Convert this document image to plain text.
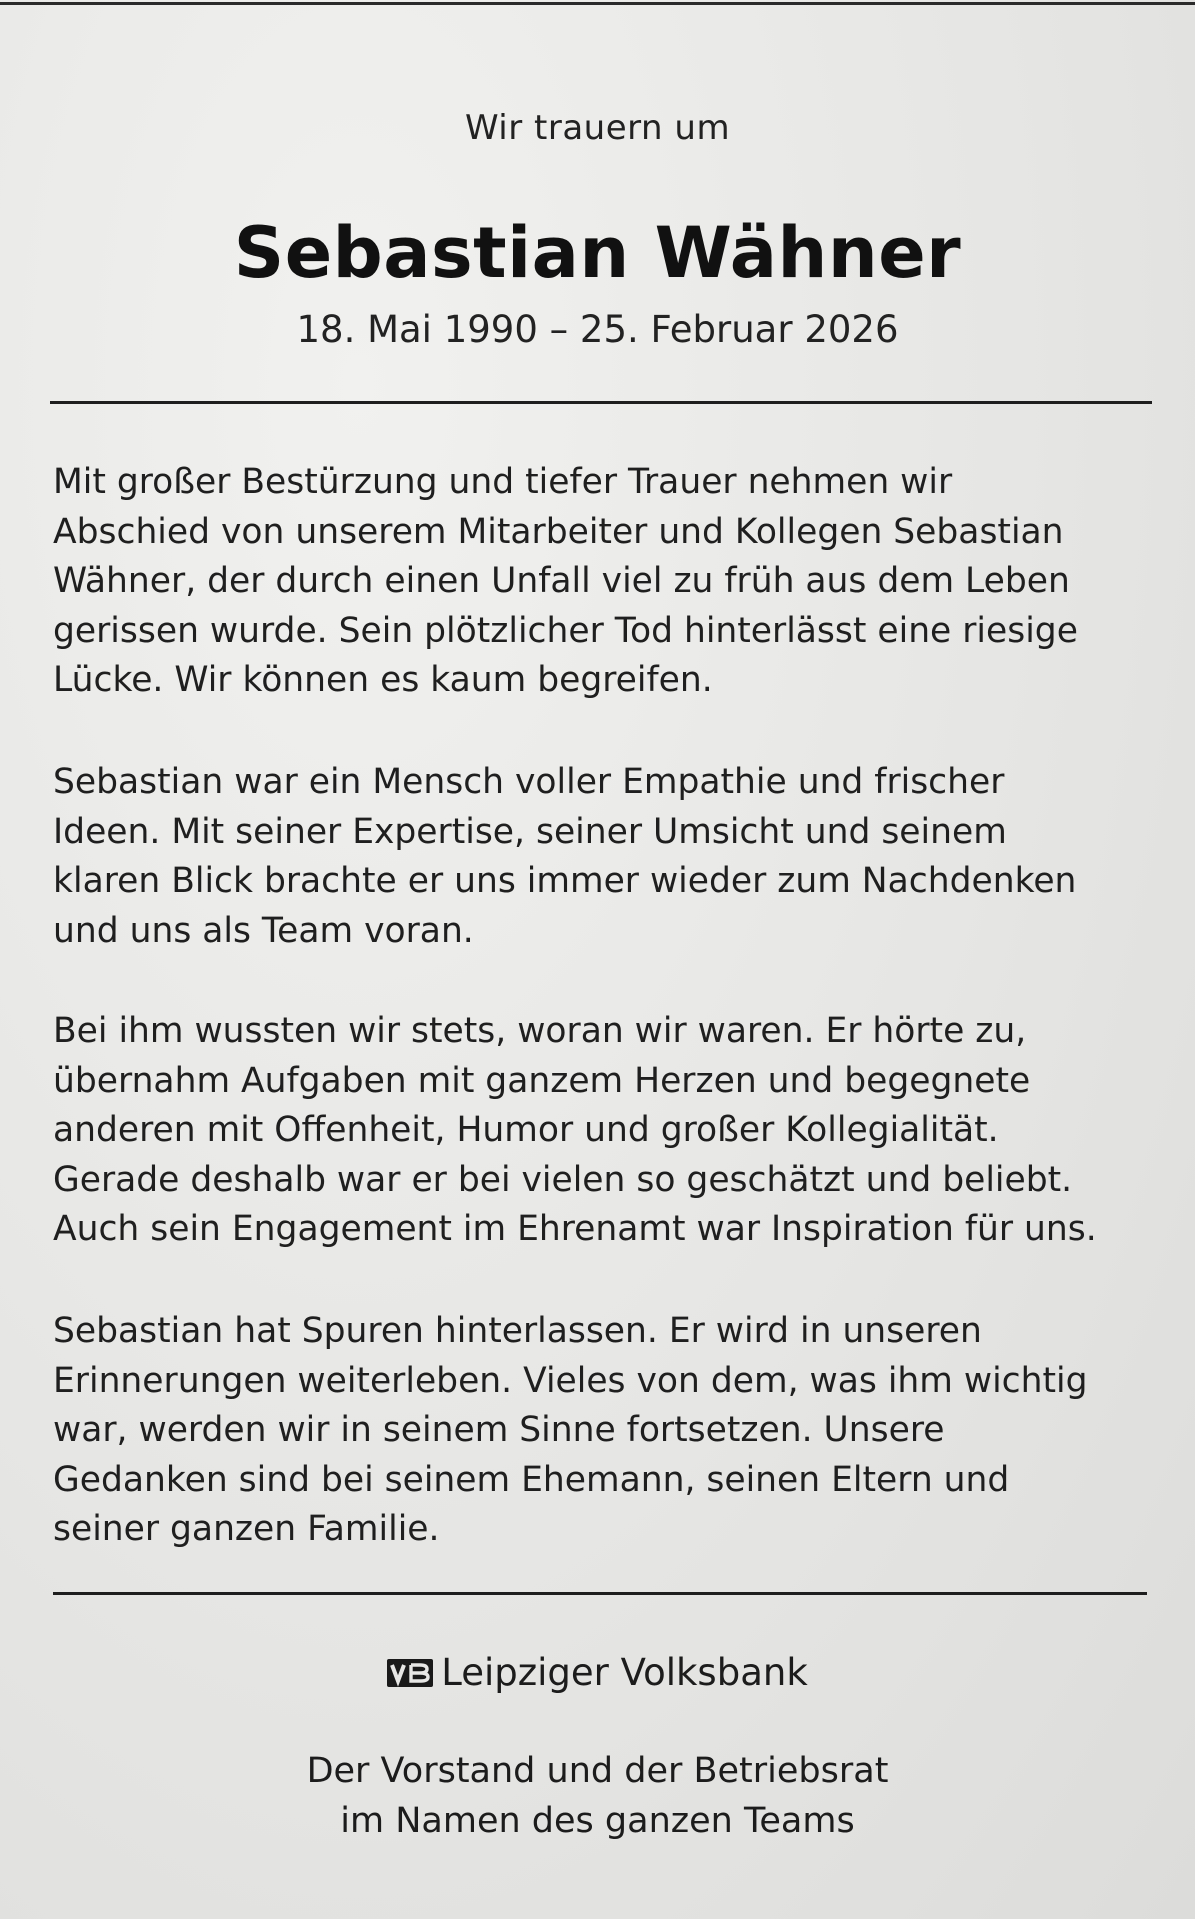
Wir trauern um
Sebastian Wähner
18. Mai 1990 – 25. Februar 2026

Mit großer Bestürzung und tiefer Trauer nehmen wir
Abschied von unserem Mitarbeiter und Kollegen Sebastian
Wähner, der durch einen Unfall viel zu früh aus dem Leben
gerissen wurde. Sein plötzlicher Tod hinterlässt eine riesige
Lücke. Wir können es kaum begreifen.

Sebastian war ein Mensch voller Empathie und frischer
Ideen. Mit seiner Expertise, seiner Umsicht und seinem
klaren Blick brachte er uns immer wieder zum Nachdenken
und uns als Team voran.

Bei ihm wussten wir stets, woran wir waren. Er hörte zu,
übernahm Aufgaben mit ganzem Herzen und begegnete
anderen mit Offenheit, Humor und großer Kollegialität.
Gerade deshalb war er bei vielen so geschätzt und beliebt.
Auch sein Engagement im Ehrenamt war Inspiration für uns.

Sebastian hat Spuren hinterlassen. Er wird in unseren
Erinnerungen weiterleben. Vieles von dem, was ihm wichtig
war, werden wir in seinem Sinne fortsetzen. Unsere
Gedanken sind bei seinem Ehemann, seinen Eltern und
seiner ganzen Familie.

Leipziger Volksbank
Der Vorstand und der Betriebsrat
im Namen des ganzen Teams
